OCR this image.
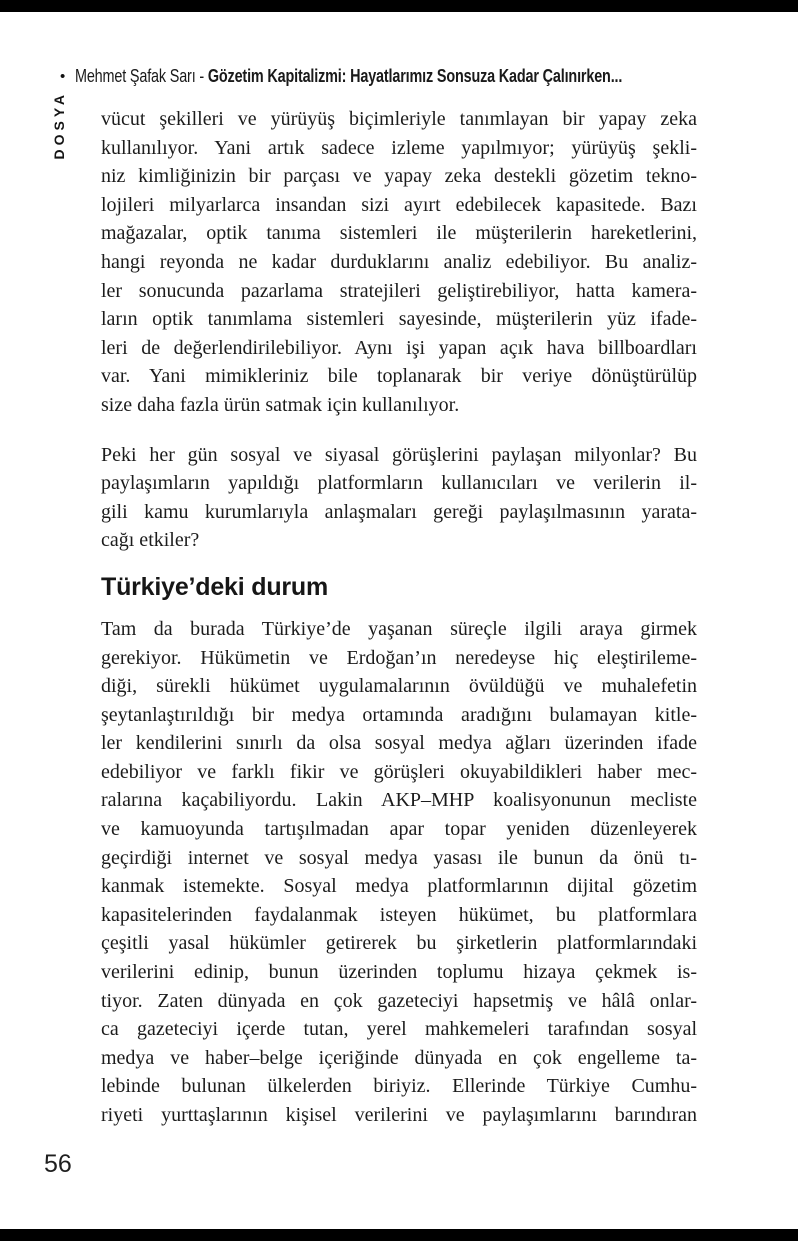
• Mehmet Şafak Sarı - Gözetim Kapitalizmi: Hayatlarımız Sonsuza Kadar Çalınırken...
DOSYA vücut şekilleri ve yürüyüş biçimleriyle tanımlayan bir yapay zeka
kullanılıyor. Yani artık sadece izleme yapılmıyor; yürüyüş şekli-
niz kimliğinizin bir parçası ve yapay zeka destekli gözetim tekno-
lojileri milyarlarca insandan sizi ayırt edebilecek kapasitede. Bazı
mağazalar, optik tanıma sistemleri ile müşterilerin hareketlerini,
hangi reyonda ne kadar durduklarını analiz edebiliyor. Bu analiz-
ler sonucunda pazarlama stratejileri geliştirebiliyor, hatta kamera-
ların optik tanımlama sistemleri sayesinde, müşterilerin yüz ifade-
leri de değerlendirilebiliyor. Aynı işi yapan açık hava billboardları
var. Yani mimikleriniz bile toplanarak bir veriye dönüştürülüp
size daha fazla ürün satmak için kullanılıyor.
Peki her gün sosyal ve siyasal görüşlerini paylaşan milyonlar? Bu
paylaşımların yapıldığı platformların kullanıcıları ve verilerin il-
gili kamu kurumlarıyla anlaşmaları gereği paylaşılmasının yarata-
cağı etkiler?
Türkiye’deki durum
Tam da burada Türkiye’de yaşanan süreçle ilgili araya girmek
gerekiyor. Hükümetin ve Erdoğan’ın neredeyse hiç eleştirileme-
diği, sürekli hükümet uygulamalarının övüldüğü ve muhalefetin
şeytanlaştırıldığı bir medya ortamında aradığını bulamayan kitle-
ler kendilerini sınırlı da olsa sosyal medya ağları üzerinden ifade
edebiliyor ve farklı fikir ve görüşleri okuyabildikleri haber mec-
ralarına kaçabiliyordu. Lakin AKP–MHP koalisyonunun mecliste
ve kamuoyunda tartışılmadan apar topar yeniden düzenleyerek
geçirdiği internet ve sosyal medya yasası ile bunun da önü tı-
kanmak istemekte. Sosyal medya platformlarının dijital gözetim
kapasitelerinden faydalanmak isteyen hükümet, bu platformlara
çeşitli yasal hükümler getirerek bu şirketlerin platformlarındaki
verilerini edinip, bunun üzerinden toplumu hizaya çekmek is-
tiyor. Zaten dünyada en çok gazeteciyi hapsetmiş ve hâlâ onlar-
ca gazeteciyi içerde tutan, yerel mahkemeleri tarafından sosyal
medya ve haber–belge içeriğinde dünyada en çok engelleme ta-
lebinde bulunan ülkelerden biriyiz. Ellerinde Türkiye Cumhu-
riyeti yurttaşlarının kişisel verilerini ve paylaşımlarını barındıran
56
